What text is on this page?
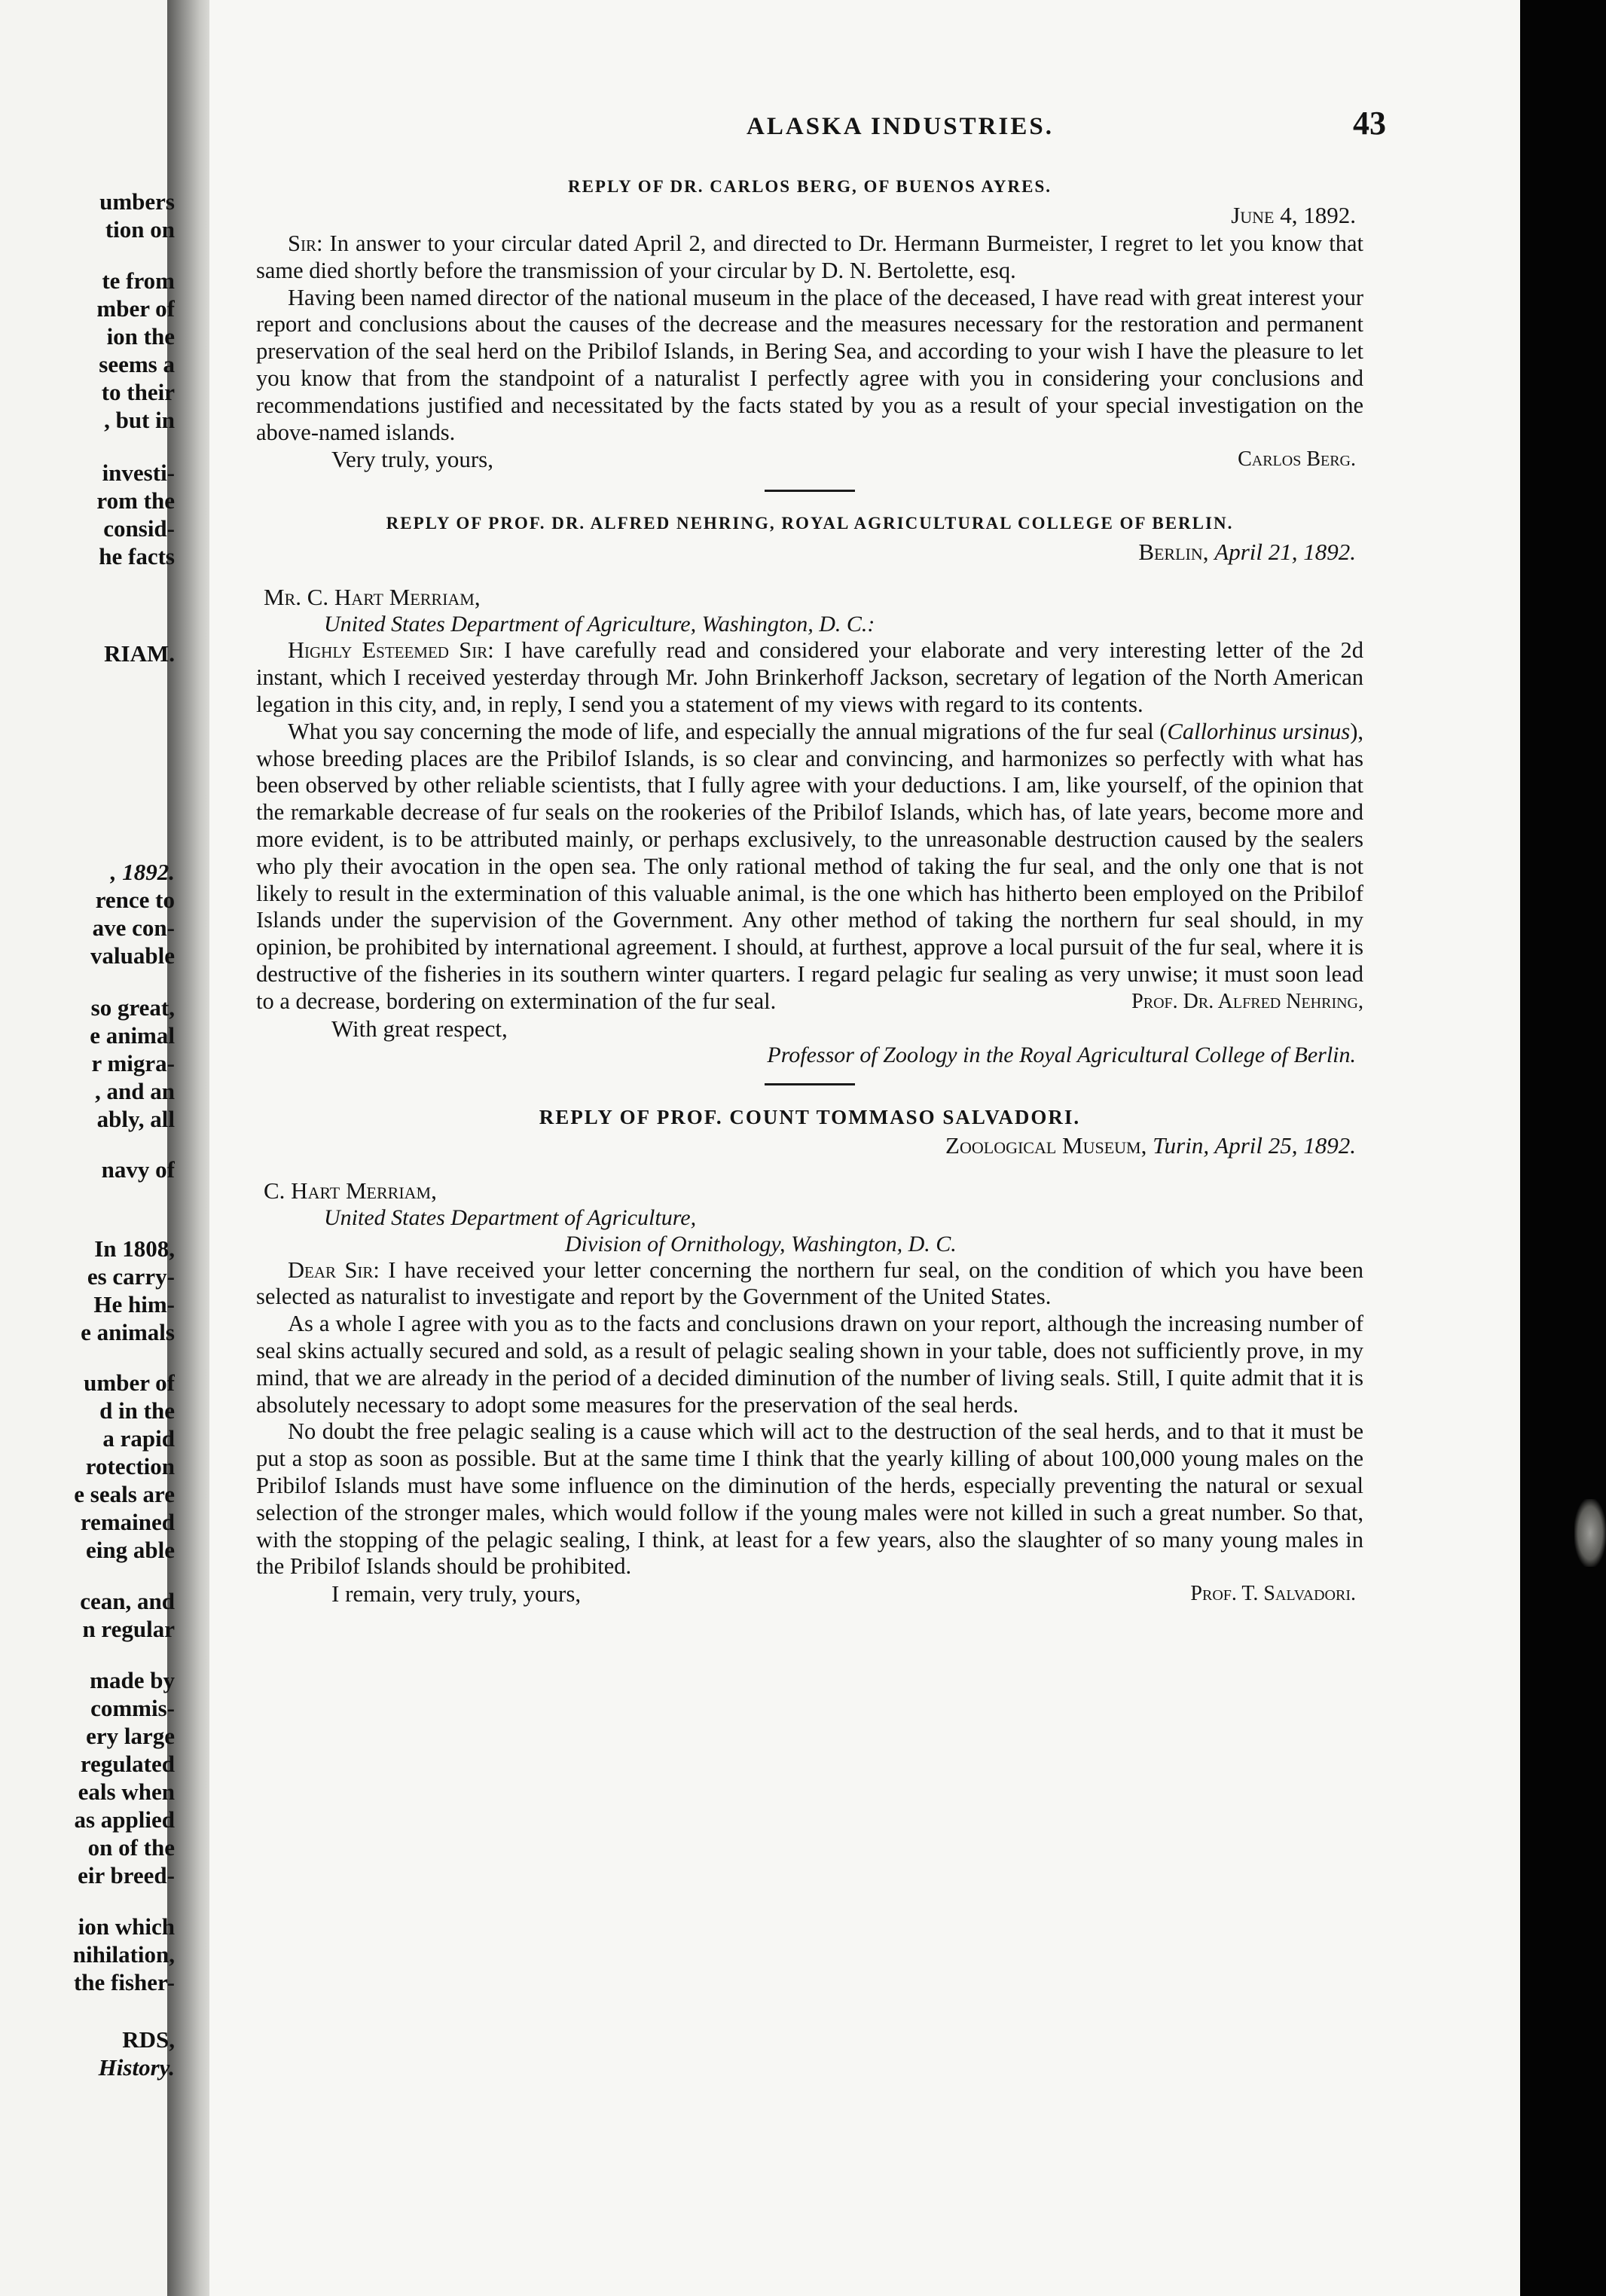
ALASKA INDUSTRIES.	43

REPLY OF DR. CARLOS BERG, OF BUENOS AYRES.

June 4, 1892.

Sir: In answer to your circular dated April 2, and directed to Dr. Hermann Burmeister, I regret to let you know that same died shortly before the transmission of your circular by D. N. Bertolette, esq.

Having been named director of the national museum in the place of the deceased, I have read with great interest your report and conclusions about the causes of the decrease and the measures necessary for the restoration and permanent preservation of the seal herd on the Pribilof Islands, in Bering Sea, and according to your wish I have the pleasure to let you know that from the standpoint of a naturalist I perfectly agree with you in considering your conclusions and recommendations justified and necessitated by the facts stated by you as a result of your special investigation on the above-named islands.

Very truly, yours,	Carlos Berg.

REPLY OF PROF. DR. ALFRED NEHRING, ROYAL AGRICULTURAL COLLEGE OF BERLIN.

Berlin, April 21, 1892.

Mr. C. Hart Merriam,

United States Department of Agriculture, Washington, D. C.:

Highly Esteemed Sir: I have carefully read and considered your elaborate and very interesting letter of the 2d instant, which I received yesterday through Mr. John Brinkerhoff Jackson, secretary of legation of the North American legation in this city, and, in reply, I send you a statement of my views with regard to its contents.

What you say concerning the mode of life, and especially the annual migrations of the fur seal (Callorhinus ursinus), whose breeding places are the Pribilof Islands, is so clear and convincing, and harmonizes so perfectly with what has been observed by other reliable scientists, that I fully agree with your deductions. I am, like yourself, of the opinion that the remarkable decrease of fur seals on the rookeries of the Pribilof Islands, which has, of late years, become more and more evident, is to be attributed mainly, or perhaps exclusively, to the unreasonable destruction caused by the sealers who ply their avocation in the open sea. The only rational method of taking the fur seal, and the only one that is not likely to result in the extermination of this valuable animal, is the one which has hitherto been employed on the Pribilof Islands under the supervision of the Government. Any other method of taking the northern fur seal should, in my opinion, be prohibited by international agreement. I should, at furthest, approve a local pursuit of the fur seal, where it is destructive of the fisheries in its southern winter quarters. I regard pelagic fur sealing as very unwise; it must soon lead to a decrease, bordering on extermination of the fur seal.	Prof. Dr. Alfred Nehring,

With great respect,

Professor of Zoology in the Royal Agricultural College of Berlin.

REPLY OF PROF. COUNT TOMMASO SALVADORI.

Zoological Museum, Turin, April 25, 1892.

C. Hart Merriam,

United States Department of Agriculture,

Division of Ornithology, Washington, D. C.

Dear Sir: I have received your letter concerning the northern fur seal, on the condition of which you have been selected as naturalist to investigate and report by the Government of the United States.

As a whole I agree with you as to the facts and conclusions drawn on your report, although the increasing number of seal skins actually secured and sold, as a result of pelagic sealing shown in your table, does not sufficiently prove, in my mind, that we are already in the period of a decided diminution of the number of living seals. Still, I quite admit that it is absolutely necessary to adopt some measures for the preservation of the seal herds.

No doubt the free pelagic sealing is a cause which will act to the destruction of the seal herds, and to that it must be put a stop as soon as possible. But at the same time I think that the yearly killing of about 100,000 young males on the Pribilof Islands must have some influence on the diminution of the herds, especially preventing the natural or sexual selection of the stronger males, which would follow if the young males were not killed in such a great number. So that, with the stopping of the pelagic sealing, I think, at least for a few years, also the slaughter of so many young males in the Pribilof Islands should be prohibited.

I remain, very truly, yours,	Prof. T. Salvadori.

umbers

tion on

te from

mber of

ion the

seems a

to their

, but in

investi-

rom the

consid-

he facts

RIAM.

, 1892.

rence to

ave con-

valuable

so great,

e animal

r migra-

, and an

ably, all

navy of

In 1808,

es carry-

He him-

e animals

umber of

d in the

a rapid

rotection

e seals are

remained

eing able

cean, and

n regular

made by

commis-

ery large

regulated

eals when

as applied

on of the

eir breed-

ion which

nihilation,

the fisher-

RDS,

History.
